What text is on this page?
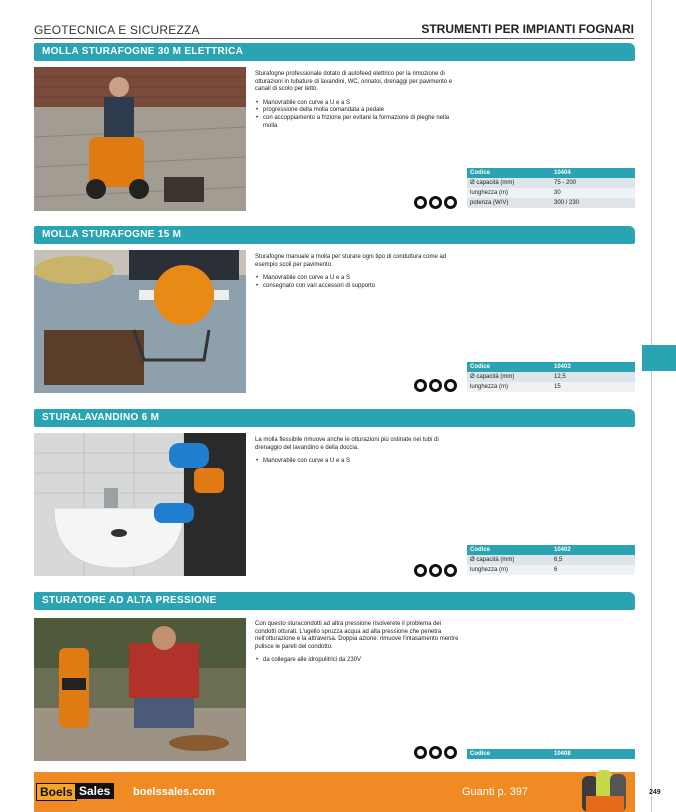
GEOTECNICA E SICUREZZA	STRUMENTI PER IMPIANTI FOGNARI
MOLLA STURAFOGNE 30 M ELETTRICA

Sturafogne professionale dotato di autofeed elettrico per la rimozione di otturazioni in tubature di lavandini, WC, orinatoi, drenaggi per pavimento e canali di scolo per tetto.

• Manovrabile con curve a U e a S
• progressione della molla comandata a pedale
• con accoppiamento a frizione per evitare la formazione di pieghe nella molla
Codice	10404
Ø capacità (mm)	75 - 200
lunghezza (m)	30
potenza (W/V)	300 / 230
MOLLA STURAFOGNE 15 M

Sturafogne manuale a molla per sturare ogni tipo di conduttura come ad esempio scoli per pavimento.

• Manovrabile con curve a U e a S
• consegnato con vari accessori di supporto
Codice	10403
Ø capacità (mm)	12,5
lunghezza (m)	15
STURALAVANDINO 6 M

La molla flessibile rimuove anche le otturazioni più ostinate nei tubi di drenaggio del lavandino e della doccia.

• Manovrabile con curve a U e a S
Codice	10402
Ø capacità (mm)	6,5
lunghezza (m)	6
STURATORE AD ALTA PRESSIONE

Con questo sturacondotti ad altra pressione risolverete il problema dei condotti otturati. L'ugello spruzza acqua ad alta pressione che penetra nell'otturazione e la attraversa. Doppia azione: rimuove l'intasamento mentre pulisce le pareti del condotto.

• da collegare alle idropulitrici da 230V
Codice	10408
Boels Sales	boelssales.com	Guanti p. 397	249
